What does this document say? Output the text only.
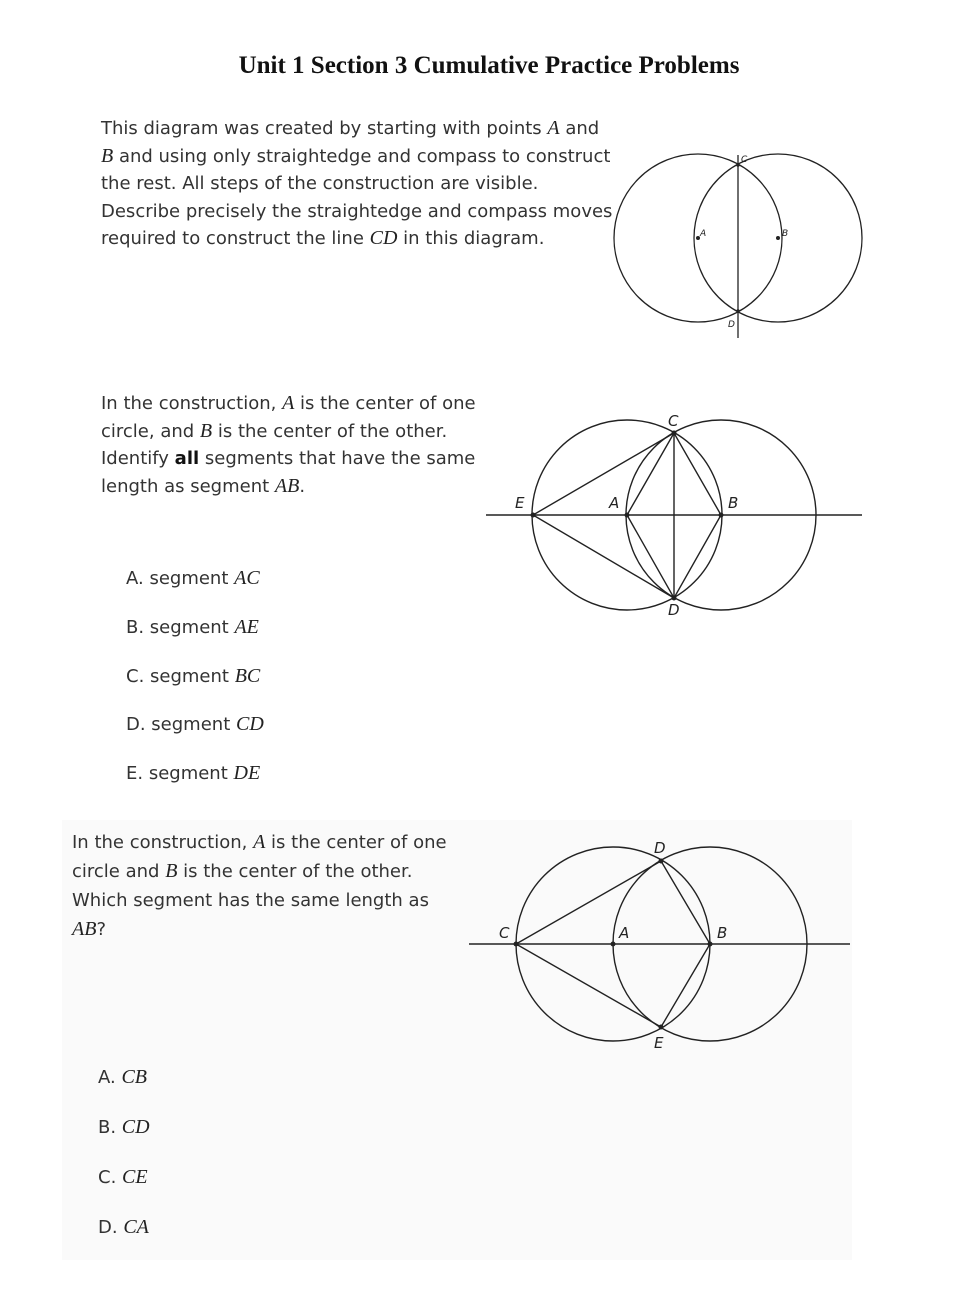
Unit 1 Section 3 Cumulative Practice Problems
This diagram was created by starting with points A and
B and using only straightedge and compass to construct
the rest. All steps of the construction are visible.
Describe precisely the straightedge and compass moves
required to construct the line CD in this diagram.	A	B
C
D
In the construction, A is the center of one
circle, and B is the center of the other.
Identify all segments that have the same
length as segment AB.
A. segment AC
B. segment AE
C. segment BC
D. segment CD
E. segment DE
E	A	B
C
D
In the construction, A is the center of one
circle and B is the center of the other.
Which segment has the same length as
AB?
A. CB
B. CD
C. CE
D. CA
C	A	B
D
E
